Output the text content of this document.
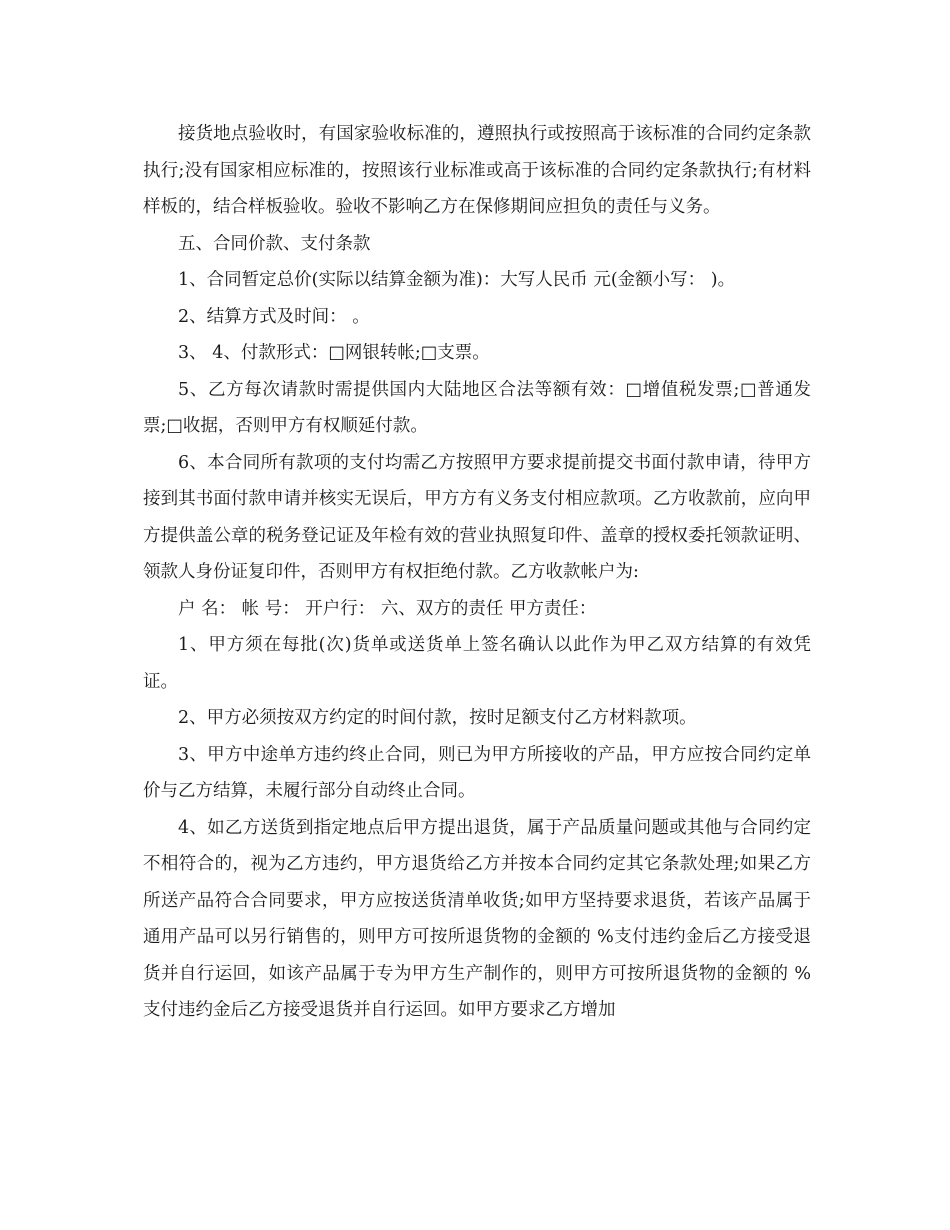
接货地点验收时，有国家验收标准的，遵照执行或按照高于该标准的合同约定条款执行;没有国家相应标准的，按照该行业标准或高于该标准的合同约定条款执行;有材料样板的，结合样板验收。验收不影响乙方在保修期间应担负的责任与义务。

五、合同价款、支付条款

1、合同暂定总价(实际以结算金额为准)：大写人民币 元(金额小写： )。

2、结算方式及时间： 。

3、 4、付款形式：□网银转帐;□支票。

5、乙方每次请款时需提供国内大陆地区合法等额有效：□增值税发票;□普通发票;□收据，否则甲方有权顺延付款。

6、本合同所有款项的支付均需乙方按照甲方要求提前提交书面付款申请，待甲方接到其书面付款申请并核实无误后，甲方方有义务支付相应款项。乙方收款前，应向甲方提供盖公章的税务登记证及年检有效的营业执照复印件、盖章的授权委托领款证明、领款人身份证复印件，否则甲方有权拒绝付款。乙方收款帐户为:

户 名： 帐 号： 开户行： 六、双方的责任 甲方责任：

1、甲方须在每批(次)货单或送货单上签名确认以此作为甲乙双方结算的有效凭证。

2、甲方必须按双方约定的时间付款，按时足额支付乙方材料款项。

3、甲方中途单方违约终止合同，则已为甲方所接收的产品，甲方应按合同约定单价与乙方结算，未履行部分自动终止合同。

4、如乙方送货到指定地点后甲方提出退货，属于产品质量问题或其他与合同约定不相符合的，视为乙方违约，甲方退货给乙方并按本合同约定其它条款处理;如果乙方所送产品符合合同要求，甲方应按送货清单收货;如甲方坚持要求退货，若该产品属于通用产品可以另行销售的，则甲方可按所退货物的金额的 %支付违约金后乙方接受退货并自行运回，如该产品属于专为甲方生产制作的，则甲方可按所退货物的金额的 %支付违约金后乙方接受退货并自行运回。如甲方要求乙方增加
